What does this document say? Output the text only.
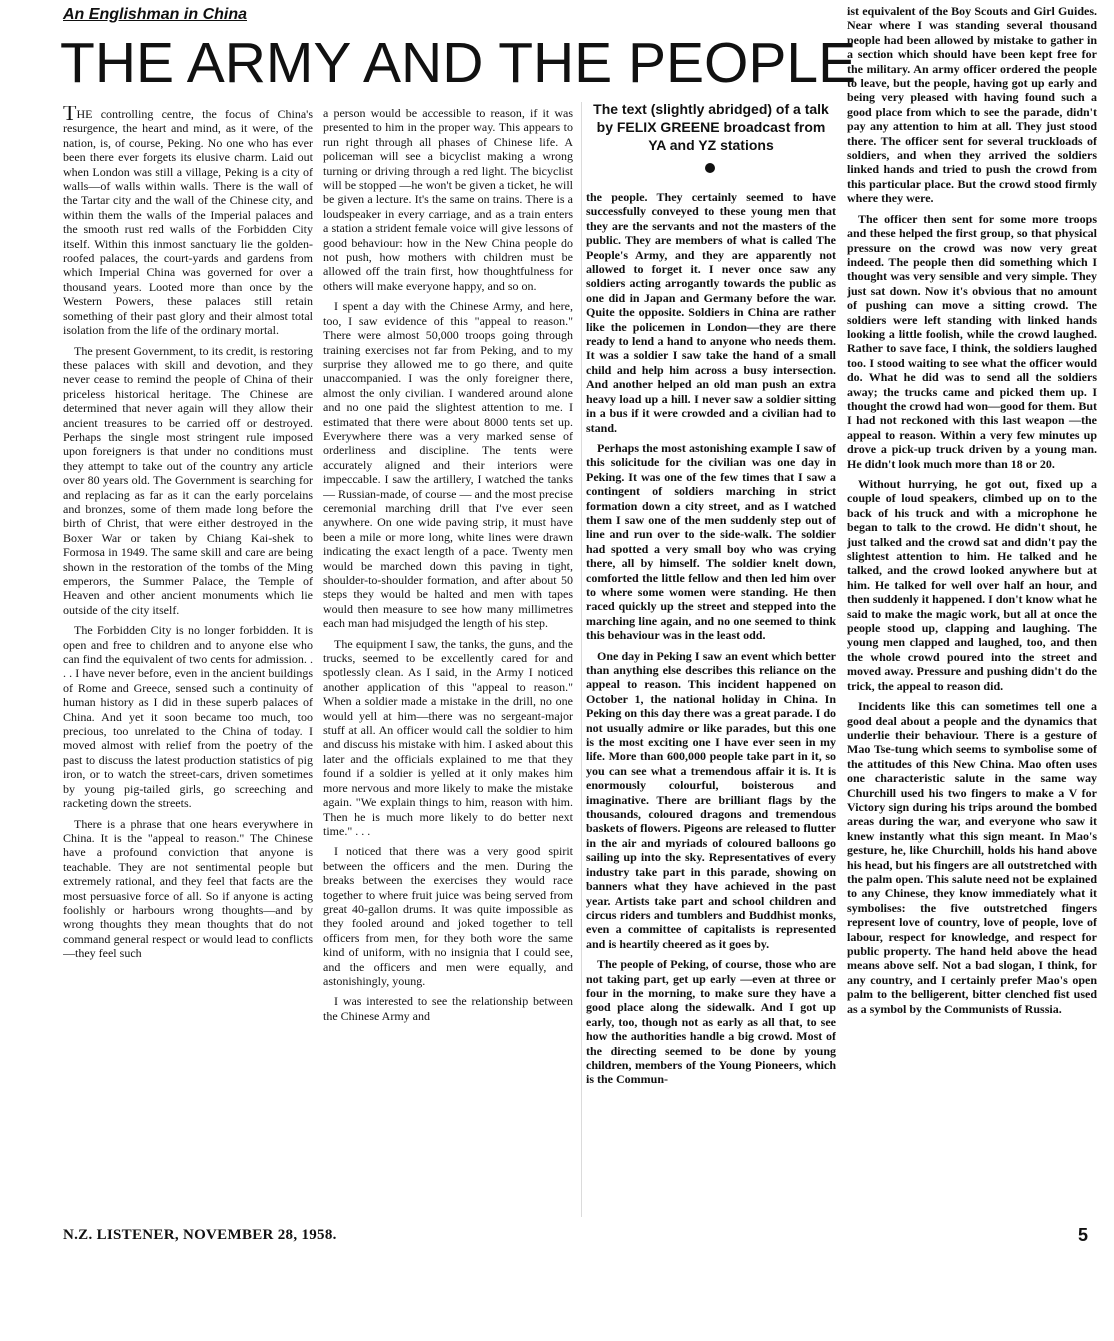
An Englishman in China
THE ARMY AND THE PEOPLE

THE controlling centre, the focus of China's resurgence, the heart and mind, as it were, of the nation, is, of course, Peking. No one who has ever been there ever forgets its elusive charm. Laid out when London was still a village, Peking is a city of walls—of walls within walls. There is the wall of the Tartar city and the wall of the Chinese city, and within them the walls of the Imperial palaces and the smooth rust red walls of the Forbidden City itself. Within this inmost sanctuary lie the golden-roofed palaces, the court-yards and gardens from which Imperial China was governed for over a thousand years. Looted more than once by the Western Powers, these palaces still retain something of their past glory and their almost total isolation from the life of the ordinary mortal.

The present Government, to its credit, is restoring these palaces with skill and devotion, and they never cease to remind the people of China of their priceless historical heritage. The Chinese are determined that never again will they allow their ancient treasures to be carried off or destroyed. Perhaps the single most stringent rule imposed upon foreigners is that under no conditions must they attempt to take out of the country any article over 80 years old. The Government is searching for and replacing as far as it can the early porcelains and bronzes, some of them made long before the birth of Christ, that were either destroyed in the Boxer War or taken by Chiang Kai-shek to Formosa in 1949. The same skill and care are being shown in the restoration of the tombs of the Ming emperors, the Summer Palace, the Temple of Heaven and other ancient monuments which lie outside of the city itself.

The Forbidden City is no longer forbidden. It is open and free to children and to anyone else who can find the equivalent of two cents for admission. . . . I have never before, even in the ancient buildings of Rome and Greece, sensed such a continuity of human history as I did in these superb palaces of China. And yet it soon became too much, too precious, too unrelated to the China of today. I moved almost with relief from the poetry of the past to discuss the latest production statistics of pig iron, or to watch the street-cars, driven sometimes by young pig-tailed girls, go screeching and racketing down the streets.

There is a phrase that one hears everywhere in China. It is the "appeal to reason." The Chinese have a profound conviction that anyone is teachable. They are not sentimental people but extremely rational, and they feel that facts are the most persuasive force of all. So if anyone is acting foolishly or harbours wrong thoughts—and by wrong thoughts they mean thoughts that do not command general respect or would lead to conflicts—they feel such

a person would be accessible to reason, if it was presented to him in the proper way. This appears to run right through all phases of Chinese life. A policeman will see a bicyclist making a wrong turning or driving through a red light. The bicyclist will be stopped —he won't be given a ticket, he will be given a lecture. It's the same on trains. There is a loudspeaker in every carriage, and as a train enters a station a strident female voice will give lessons of good behaviour: how in the New China people do not push, how mothers with children must be allowed off the train first, how thoughtfulness for others will make everyone happy, and so on.

I spent a day with the Chinese Army, and here, too, I saw evidence of this "appeal to reason." There were almost 50,000 troops going through training exercises not far from Peking, and to my surprise they allowed me to go there, and quite unaccompanied. I was the only foreigner there, almost the only civilian. I wandered around alone and no one paid the slightest attention to me. I estimated that there were about 8000 tents set up. Everywhere there was a very marked sense of orderliness and discipline. The tents were accurately aligned and their interiors were impeccable. I saw the artillery, I watched the tanks — Russian-made, of course — and the most precise ceremonial marching drill that I've ever seen anywhere. On one wide paving strip, it must have been a mile or more long, white lines were drawn indicating the exact length of a pace. Twenty men would be marched down this paving in tight, shoulder-to-shoulder formation, and after about 50 steps they would be halted and men with tapes would then measure to see how many millimetres each man had misjudged the length of his step.

The equipment I saw, the tanks, the guns, and the trucks, seemed to be excellently cared for and spotlessly clean. As I said, in the Army I noticed another application of this "appeal to reason." When a soldier made a mistake in the drill, no one would yell at him—there was no sergeant-major stuff at all. An officer would call the soldier to him and discuss his mistake with him. I asked about this later and the officials explained to me that they found if a soldier is yelled at it only makes him more nervous and more likely to make the mistake again. "We explain things to him, reason with him. Then he is much more likely to do better next time." . . .

I noticed that there was a very good spirit between the officers and the men. During the breaks between the exercises they would race together to where fruit juice was being served from great 40-gallon drums. It was quite impossible as they fooled around and joked together to tell officers from men, for they both wore the same kind of uniform, with no insignia that I could see, and the officers and men were equally, and astonishingly, young.

I was interested to see the relationship between the Chinese Army and

The text (slightly abridged) of a talk by FELIX GREENE broadcast from YA and YZ stations

the people. They certainly seemed to have successfully conveyed to these young men that they are the servants and not the masters of the public. They are members of what is called The People's Army, and they are apparently not allowed to forget it. I never once saw any soldiers acting arrogantly towards the public as one did in Japan and Germany before the war. Quite the opposite. Soldiers in China are rather like the policemen in London—they are there ready to lend a hand to anyone who needs them. It was a soldier I saw take the hand of a small child and help him across a busy intersection. And another helped an old man push an extra heavy load up a hill. I never saw a soldier sitting in a bus if it were crowded and a civilian had to stand.

Perhaps the most astonishing example I saw of this solicitude for the civilian was one day in Peking. It was one of the few times that I saw a contingent of soldiers marching in strict formation down a city street, and as I watched them I saw one of the men suddenly step out of line and run over to the side-walk. The soldier had spotted a very small boy who was crying there, all by himself. The soldier knelt down, comforted the little fellow and then led him over to where some women were standing. He then raced quickly up the street and stepped into the marching line again, and no one seemed to think this behaviour was in the least odd.

One day in Peking I saw an event which better than anything else describes this reliance on the appeal to reason. This incident happened on October 1, the national holiday in China. In Peking on this day there was a great parade. I do not usually admire or like parades, but this one is the most exciting one I have ever seen in my life. More than 600,000 people take part in it, so you can see what a tremendous affair it is. It is enormously colourful, boisterous and imaginative. There are brilliant flags by the thousands, coloured dragons and tremendous baskets of flowers. Pigeons are released to flutter in the air and myriads of coloured balloons go sailing up into the sky. Representatives of every industry take part in this parade, showing on banners what they have achieved in the past year. Artists take part and school children and circus riders and tumblers and Buddhist monks, even a committee of capitalists is represented and is heartily cheered as it goes by.

The people of Peking, of course, those who are not taking part, get up early —even at three or four in the morning, to make sure they have a good place along the sidewalk. And I got up early, too, though not as early as all that, to see how the authorities handle a big crowd. Most of the directing seemed to be done by young children, members of the Young Pioneers, which is the Commun-

ist equivalent of the Boy Scouts and Girl Guides. Near where I was standing several thousand people had been allowed by mistake to gather in a section which should have been kept free for the military. An army officer ordered the people to leave, but the people, having got up early and being very pleased with having found such a good place from which to see the parade, didn't pay any attention to him at all. They just stood there. The officer sent for several truckloads of soldiers, and when they arrived the soldiers linked hands and tried to push the crowd from this particular place. But the crowd stood firmly where they were.

The officer then sent for some more troops and these helped the first group, so that physical pressure on the crowd was now very great indeed. The people then did something which I thought was very sensible and very simple. They just sat down. Now it's obvious that no amount of pushing can move a sitting crowd. The soldiers were left standing with linked hands looking a little foolish, while the crowd laughed. Rather to save face, I think, the soldiers laughed too. I stood waiting to see what the officer would do. What he did was to send all the soldiers away; the trucks came and picked them up. I thought the crowd had won—good for them. But I had not reckoned with this last weapon —the appeal to reason. Within a very few minutes up drove a pick-up truck driven by a young man. He didn't look much more than 18 or 20.

Without hurrying, he got out, fixed up a couple of loud speakers, climbed up on to the back of his truck and with a microphone he began to talk to the crowd. He didn't shout, he just talked and the crowd sat and didn't pay the slightest attention to him. He talked and he talked, and the crowd looked anywhere but at him. He talked for well over half an hour, and then suddenly it happened. I don't know what he said to make the magic work, but all at once the people stood up, clapping and laughing. The young men clapped and laughed, too, and then the whole crowd poured into the street and moved away. Pressure and pushing didn't do the trick, the appeal to reason did.

Incidents like this can sometimes tell one a good deal about a people and the dynamics that underlie their behaviour. There is a gesture of Mao Tse-tung which seems to symbolise some of the attitudes of this New China. Mao often uses one characteristic salute in the same way Churchill used his two fingers to make a V for Victory sign during his trips around the bombed areas during the war, and everyone who saw it knew instantly what this sign meant. In Mao's gesture, he, like Churchill, holds his hand above his head, but his fingers are all outstretched with the palm open. This salute need not be explained to any Chinese, they know immediately what it symbolises: the five outstretched fingers represent love of country, love of people, love of labour, respect for knowledge, and respect for public property. The hand held above the head means above self. Not a bad slogan, I think, for any country, and I certainly prefer Mao's open palm to the belligerent, bitter clenched fist used as a symbol by the Communists of Russia.

N.Z. LISTENER, NOVEMBER 28, 1958.	5
